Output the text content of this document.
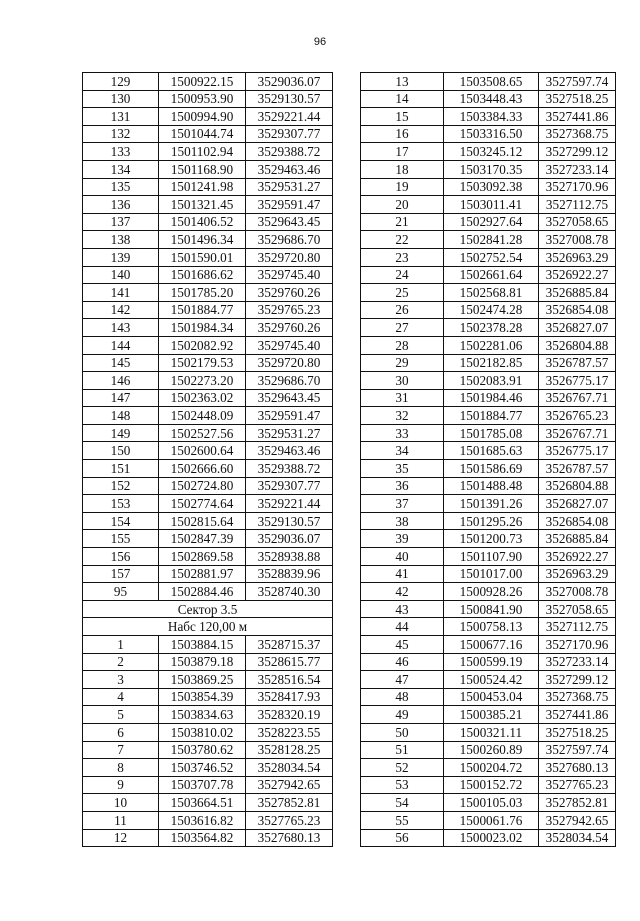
96
129	1500922.15	3529036.07
130	1500953.90	3529130.57
131	1500994.90	3529221.44
132	1501044.74	3529307.77
133	1501102.94	3529388.72
134	1501168.90	3529463.46
135	1501241.98	3529531.27
136	1501321.45	3529591.47
137	1501406.52	3529643.45
138	1501496.34	3529686.70
139	1501590.01	3529720.80
140	1501686.62	3529745.40
141	1501785.20	3529760.26
142	1501884.77	3529765.23
143	1501984.34	3529760.26
144	1502082.92	3529745.40
145	1502179.53	3529720.80
146	1502273.20	3529686.70
147	1502363.02	3529643.45
148	1502448.09	3529591.47
149	1502527.56	3529531.27
150	1502600.64	3529463.46
151	1502666.60	3529388.72
152	1502724.80	3529307.77
153	1502774.64	3529221.44
154	1502815.64	3529130.57
155	1502847.39	3529036.07
156	1502869.58	3528938.88
157	1502881.97	3528839.96
95	1502884.46	3528740.30
Сектор 3.5		
Набс 120,00 м		
1	1503884.15	3528715.37
2	1503879.18	3528615.77
3	1503869.25	3528516.54
4	1503854.39	3528417.93
5	1503834.63	3528320.19
6	1503810.02	3528223.55
7	1503780.62	3528128.25
8	1503746.52	3528034.54
9	1503707.78	3527942.65
10	1503664.51	3527852.81
11	1503616.82	3527765.23
12	1503564.82	3527680.13
13	1503508.65	3527597.74
14	1503448.43	3527518.25
15	1503384.33	3527441.86
16	1503316.50	3527368.75
17	1503245.12	3527299.12
18	1503170.35	3527233.14
19	1503092.38	3527170.96
20	1503011.41	3527112.75
21	1502927.64	3527058.65
22	1502841.28	3527008.78
23	1502752.54	3526963.29
24	1502661.64	3526922.27
25	1502568.81	3526885.84
26	1502474.28	3526854.08
27	1502378.28	3526827.07
28	1502281.06	3526804.88
29	1502182.85	3526787.57
30	1502083.91	3526775.17
31	1501984.46	3526767.71
32	1501884.77	3526765.23
33	1501785.08	3526767.71
34	1501685.63	3526775.17
35	1501586.69	3526787.57
36	1501488.48	3526804.88
37	1501391.26	3526827.07
38	1501295.26	3526854.08
39	1501200.73	3526885.84
40	1501107.90	3526922.27
41	1501017.00	3526963.29
42	1500928.26	3527008.78
43	1500841.90	3527058.65
44	1500758.13	3527112.75
45	1500677.16	3527170.96
46	1500599.19	3527233.14
47	1500524.42	3527299.12
48	1500453.04	3527368.75
49	1500385.21	3527441.86
50	1500321.11	3527518.25
51	1500260.89	3527597.74
52	1500204.72	3527680.13
53	1500152.72	3527765.23
54	1500105.03	3527852.81
55	1500061.76	3527942.65
56	1500023.02	3528034.54
